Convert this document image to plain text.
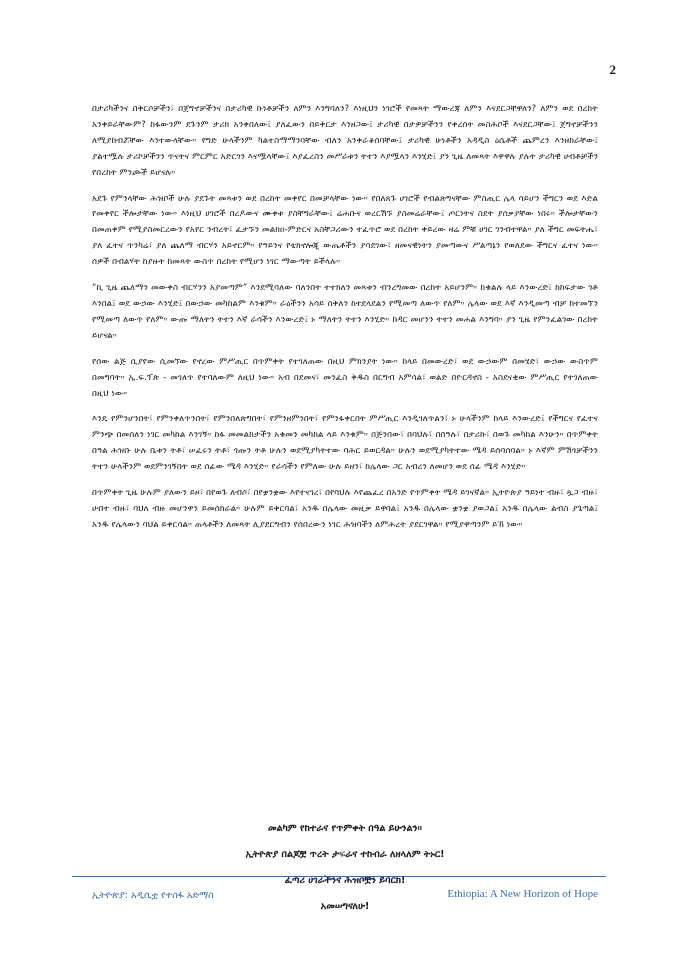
2

በታሪካችንና በቅርሶቻችን፣ በጀግኖቻችንና በታሪካዊ ኩነቶቻችን ለምን እንግባለን? እነዚህን ነገሮች የመጻት ማውረጃ ለምን እናደርጋቸዋለን? ለምን ወደ በረከት አንቀይራቸውም? ከፋውንም ደጉንም ታሪክ አንቀበለው፤ ያለፈውን በይቅርታ እንዘጋው፤ ታሪካዊ በታዎቻችንን የቀረሰት መስሕቦች እናደርጋቸው፤ ጀግኖቻችንን ለሚያከብሯቸው እንተውላቸው። የግድ ሁላችንም ካልተስማማንባቸው ብለን አንቀራቆሰባቸው፤ ታሪካዊ ሁነቶችን አዳዲስ ዕሴቶች ጨምረን እንዘከራቸው፤ ያልተሟሉ ታሪኮቻችንን ጥናትና ምርምር አድርገን እናሟላቸው፤ እያፈረስን መሥራቱን ትተን እያሟላን እንሂድ፤ ያን ጊዜ ለመጻት እዋዋሉ ያሉት ታሪካዊ ሀብቶቻችን የበረከት ምንጮች ይሆናሉ።

አደጉ የምንላቸው ሕዝቦች ሁሉ ያደጉት መጻቱን ወደ በረከት መቀየር በመቻላቸው ነው። የበለጸጉ ሀገሮች የብልጽግናቸው ምስጢር ሌላ ሳይሆን ችግርን ወደ እድል የመቀየር ችሎታቸው ነው። እነዚህ ሀገሮች በረዶውና ሙቀቱ ያስቸግራቸው፤ ሬሐቡና ወረርሽኙ ያስመሬራቸው፤ ጦርነትና ስደት ያሰቃያቸው ነበሩ። ችሎታቸውን በመጠቀም የሚያስመርረውን የአየር ንብረት፣ ፈታኙን መልክዐ-ምድርና አስቸጋሪውን ተፈጥሮ ወደ በረከት ቀይረው ዛሬ ምቹ ሀገር ገንብተዋል። ያለ ችግር መፍትሔ፣ ያለ ፈተና ጥንካሬ፣ ያለ ጨለማ ብርሃን አይኖርም። የዓይንና የቴክኖሎጂ ውጤቶችን ያሳደገው፣ ዘመናዊነትን ያመጣውና ሥልጣኔን የወለደው ችግርና ፈተና ነው። ሰዎች በብልሃት ከያዙት ከመጻት ውስጥ በረከት የሚሆን ነገር ማውጣት ይችላሉ።

“ኪ ጊዜ ጨለማን መውቀስ ብርሃንን አያመጣም” እንደሚባለው ባለንበት ተተክለን መጻቱን ብንረግመው በረከት አይሆንም። ከቁልሉ ላይ እንውረድ፤ ከከፍታው ገቶ እንበል፤ ወደ ውኃው እንሂድ፤ በውኃው መካከልም እንቁም። ራዕችንን አሳይ ሰቅለን ከተደላደልን የሚመጣ ለውጥ የለም። ሌላው ወደ እኛ እንዲመጣ ብቻ ከተመኘን የሚመጣ ለውጥ የለም። ውጡ ማለትን ትተን እኛ ራሳችን እንውረድ፤ ኑ ማለትን ትተን እንሂድ። ከዳር መሆንን ትተን መሐል እንግባ። ያን ጊዜ የምንፈልገው በረከት ይሆናል።

የሰው ልጅ ሲያየው ሲመኘው የኖረው ምሥጢር በጥምቀት የተገለጠው በዚህ ምክንያት ነው። ከላይ በመውረድ፣ ወደ ውኃውም በመሄድ፣ ውኃው ውስጥም በመግባት። ኢ.ፍ.ፕጵ - መገለጥ የተባለውም ለዚህ ነው። አብ በደመና፣ መንፈስ ቅዱስ በርግብ አምሳል፣ ወልድ በዮርዳኖስ - አስደናቂው ምሥጢር የተገለጠው በዚህ ነው።

እንዴ የምንሆንበት፣ የምንቀለጥንበት፣ የምንበለጽግበት፣ የምንዘምንበት፣ የምንፋቀርበት ምሥጢር እንዲገለጥልን፣ ኑ ሁላችንም ከላይ እንውረድ፤ የችግርና የፈተና ምንጭ በመሰለን ነገር መካከል እንገኝ። ከፋ መመልከታችን አቁመን መካከል ላይ እንቁም። በጅንበው፣ በባህሉ፣ በበዓሉ፣ በታሪኩ፣ በወጉ መካከል እንሁን። በጥምቀት በዓል ሕዝቡ ሁሉ ቤቱን ትቶ፣ ሠፈሩን ትቶ፣ ጎጡን ትቶ ሁሉን ወደሚያካትተው ባሕር ይወርዳል። ሁሉን ወደሚያካትተው ሜዳ ይሰባሰባል። ኑ እኛም ምሽጎቻችንን ትተን ሁላችንም ወደምንገኝበት ወደ ሰፊው ሜዳ እንሂድ። የራሳችን የምለው ሁሉ ይዘን፣ ከሌላው ጋር አብረን ለመሆን ወደ ሰፊ ሜዳ እንሂድ።

በጥምቀት ጊዜ ሁሉም ያለውን ይዞ፣ በየወጉ ለብሶ፣ በየቋንቋው እየተናገረ፣ በየባህሉ እየጨፈረ በአንድ የጥምቀት ሜዳ ይገናኛል። ኢትዮጵያ ዓይነተ ብዙ፣ ጿጋ ብዙ፣ ሀብተ ብዙ፣ ባህለ ብዙ መሆንዋን ይመሰክራል። ሁሉም ይቀርባል፣ አንዱ በሌላው መዚቃ ይዋባል፤ አንዱ በሌላው ቋንቋ ያወጋል፤ አንዱ በሌላው ልብስ ያጌጣል፤ አንዱ የሌላውን ባህል ይቀርሳል። ጠላቶችን ለመጻት ሊያደርግብን የሰበረውን ነገር ሕዝባችን ለምሕረት ያደርገዋል። የሚያዋጣንም ይኸ ነው።

መልካም የከተራና የጥምቀት በዓል ይሁንልን።

ኢትዮጵያ በልጆቿ ጥረት ታፍራና ተከብራ ለዘላለም ትኑር!

ፈጣሪ ሀገራችንና ሕዝቦቿን ይባርክ!

አመሠግናለሁ!

ኢትዮጵያ: አዲሲቷ የተስፋ አድማስ	Ethiopia: A New Horizon of Hope
